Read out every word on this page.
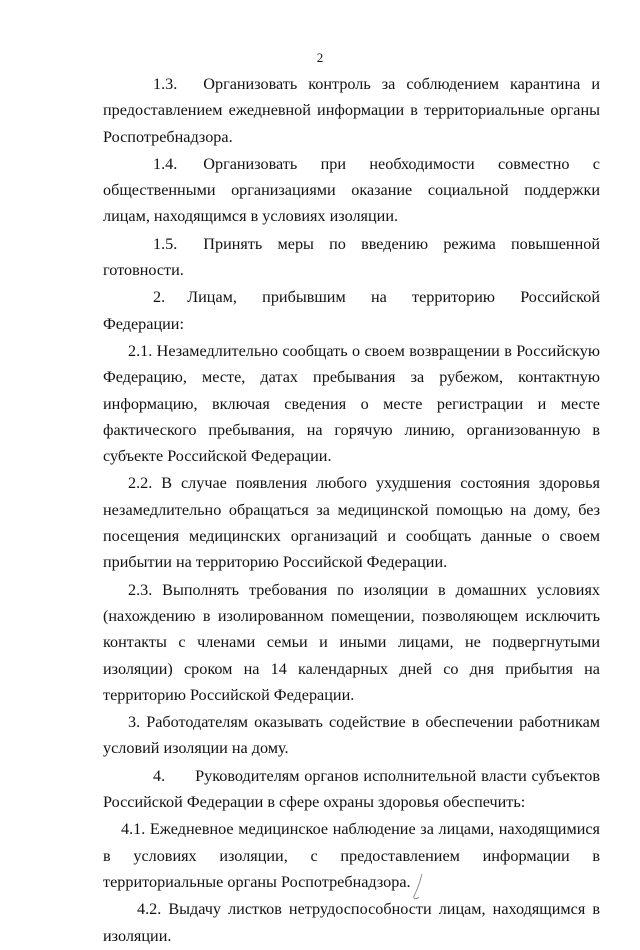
2

1.3. Организовать контроль за соблюдением карантина и предоставлением ежедневной информации в территориальные органы Роспотребнадзора.

1.4. Организовать при необходимости совместно с общественными организациями оказание социальной поддержки лицам, находящимся в условиях изоляции.

1.5. Принять меры по введению режима повышенной готовности.

2. Лицам, прибывшим на территорию Российской Федерации:

2.1. Незамедлительно сообщать о своем возвращении в Российскую Федерацию, месте, датах пребывания за рубежом, контактную информацию, включая сведения о месте регистрации и месте фактического пребывания, на горячую линию, организованную в субъекте Российской Федерации.

2.2. В случае появления любого ухудшения состояния здоровья незамедлительно обращаться за медицинской помощью на дому, без посещения медицинских организаций и сообщать данные о своем прибытии на территорию Российской Федерации.

2.3. Выполнять требования по изоляции в домашних условиях (нахождению в изолированном помещении, позволяющем исключить контакты с членами семьи и иными лицами, не подвергнутыми изоляции) сроком на 14 календарных дней со дня прибытия на территорию Российской Федерации.

3. Работодателям оказывать содействие в обеспечении работникам условий изоляции на дому.

4. Руководителям органов исполнительной власти субъектов Российской Федерации в сфере охраны здоровья обеспечить:

4.1. Ежедневное медицинское наблюдение за лицами, находящимися в условиях изоляции, с предоставлением информации в территориальные органы Роспотребнадзора.

4.2. Выдачу листков нетрудоспособности лицам, находящимся в изоляции.
